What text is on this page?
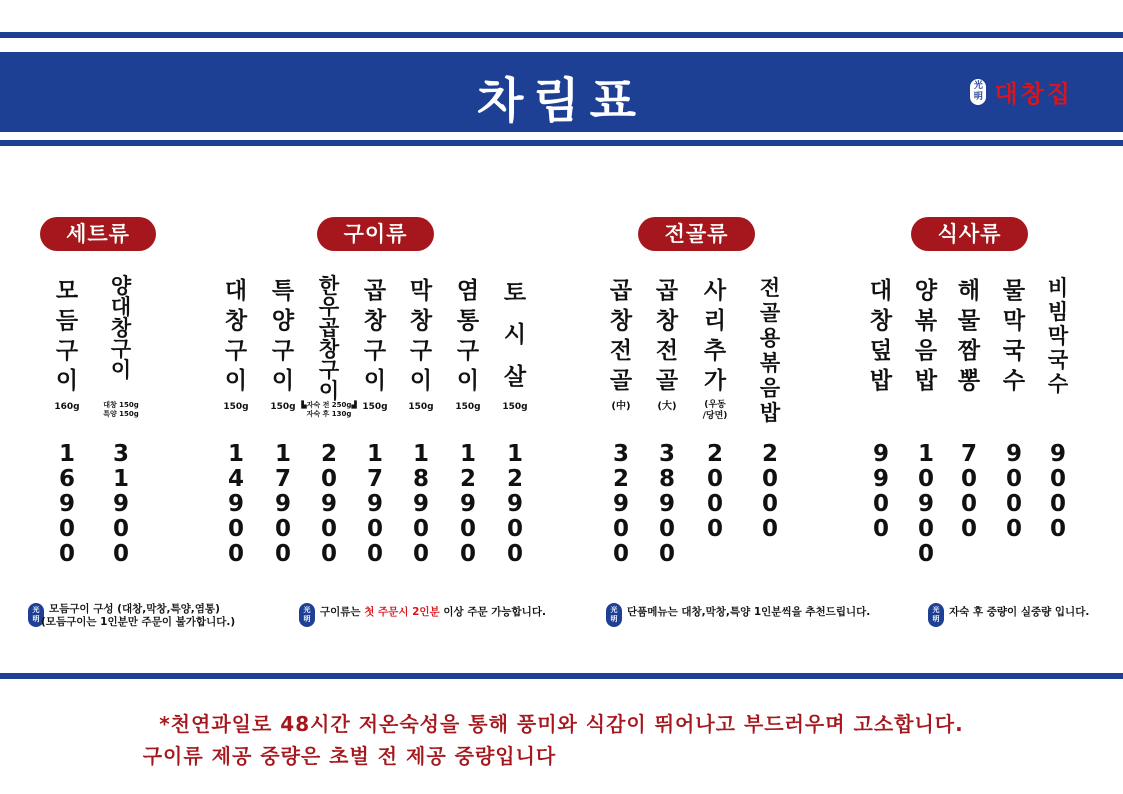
차림표	光
明 대창집
세트류	구이류	전골류	식사류
모
듬
구
이
160g
1
6
9
0
0
양
대
창
구
이
대창 150g
특양 150g
3
1
9
0
0
대
창
구
이
150g
1
4
9
0
0
특
양
구
이
150g
1
7
9
0
0
한
우
곱
창
구
이
▙자숙 전 250g▟
자숙 후 130g
2
0
9
0
0
곱
창
구
이
150g
1
7
9
0
0
막
창
구
이
150g
1
8
9
0
0
염
통
구
이
150g
1
2
9
0
0
토
시
살
150g
1
2
9
0
0
곱
창
전
골
(中)
3
2
9
0
0
곱
창
전
골
(大)
3
8
9
0
0
사
리
추
가
(우동
/당면)
2
0
0
0
전
골
용
볶
음
밥
2
0
0
0
대
창
덮
밥
9
9
0
0
양
볶
음
밥
1
0
9
0
0
해
물
짬
뽕
7
0
0
0
물
막
국
수
9
0
0
0
비
빔
막
국
수
9
0
0
0
光
明
모듬구이 구성 (대창,막창,특양,염통)
(모듬구이는 1인분만 주문이 불가합니다.)
光
明
구이류는 첫 주문시 2인분 이상 주문 가능합니다.	光
明
단품메뉴는 대창,막창,특양 1인분씩을 추천드립니다.	光
明
자숙 후 중량이 실중량 입니다.
*천연과일로 48시간 저온숙성을 통해 풍미와 식감이 뛰어나고 부드러우며 고소합니다.
구이류 제공 중량은 초벌 전 제공 중량입니다
